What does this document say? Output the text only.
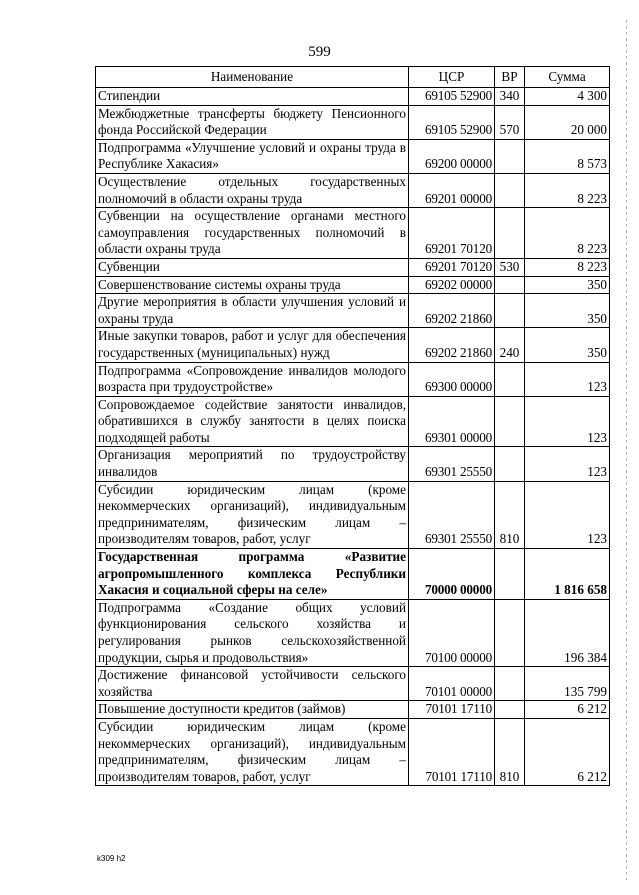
599
Наименование	ЦСР	ВР	Сумма
Стипендии	69105 52900	340	4 300
Межбюджетные трансферты бюджету Пенсионного фонда Российской Федерации	69105 52900	570	20 000
Подпрограмма «Улучшение условий и охраны труда в Республике Хакасия»	69200 00000		8 573
Осуществление отдельных государственных полномочий в области охраны труда	69201 00000		8 223
Субвенции на осуществление органами местного самоуправления государственных полномочий в области охраны труда	69201 70120		8 223
Субвенции	69201 70120	530	8 223
Совершенствование системы охраны труда	69202 00000		350
Другие мероприятия в области улучшения условий и охраны труда	69202 21860		350
Иные закупки товаров, работ и услуг для обеспечения государственных (муниципальных) нужд	69202 21860	240	350
Подпрограмма «Сопровождение инвалидов молодого возраста при трудоустройстве»	69300 00000		123
Сопровождаемое содействие занятости инвалидов, обратившихся в службу занятости в целях поиска подходящей работы	69301 00000		123
Организация мероприятий по трудоустройству инвалидов	69301 25550		123
Субсидии юридическим лицам (кроме некоммерческих организаций), индивидуальным предпринимателям, физическим лицам – производителям товаров, работ, услуг	69301 25550	810	123
Государственная программа «Развитие агропромышленного комплекса Республики Хакасия и социальной сферы на селе»	70000 00000		1 816 658
Подпрограмма «Создание общих условий функционирования сельского хозяйства и регулирования рынков сельскохозяйственной продукции, сырья и продовольствия»	70100 00000		196 384
Достижение финансовой устойчивости сельского хозяйства	70101 00000		135 799
Повышение доступности кредитов (займов)	70101 17110		6 212
Субсидии юридическим лицам (кроме некоммерческих организаций), индивидуальным предпринимателям, физическим лицам – производителям товаров, работ, услуг	70101 17110	810	6 212
k309 h2
